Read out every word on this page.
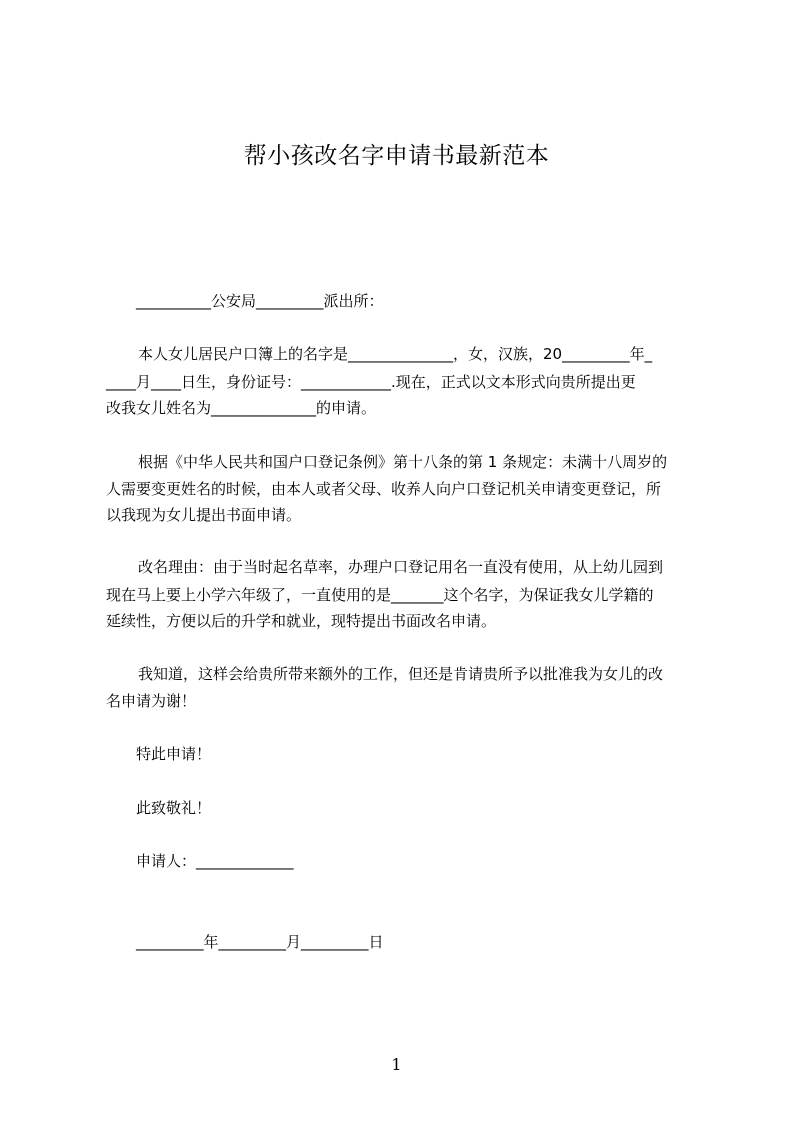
帮小孩改名字申请书最新范本
__________公安局_________派出所：
本人女儿居民户口簿上的名字是______________，女，汉族，20_________年_
____月____日生，身份证号：____________.现在，正式以文本形式向贵所提出更
改我女儿姓名为______________的申请。
根据《中华人民共和国户口登记条例》第十八条的第 1 条规定：未满十八周岁的
人需要变更姓名的时候，由本人或者父母、收养人向户口登记机关申请变更登记，所
以我现为女儿提出书面申请。
改名理由：由于当时起名草率，办理户口登记用名一直没有使用，从上幼儿园到
现在马上要上小学六年级了，一直使用的是_______这个名字，为保证我女儿学籍的
延续性，方便以后的升学和就业，现特提出书面改名申请。
我知道，这样会给贵所带来额外的工作，但还是肯请贵所予以批准我为女儿的改
名申请为谢！
特此申请！
此致敬礼！
申请人：_____________
_________年_________月_________日
1
